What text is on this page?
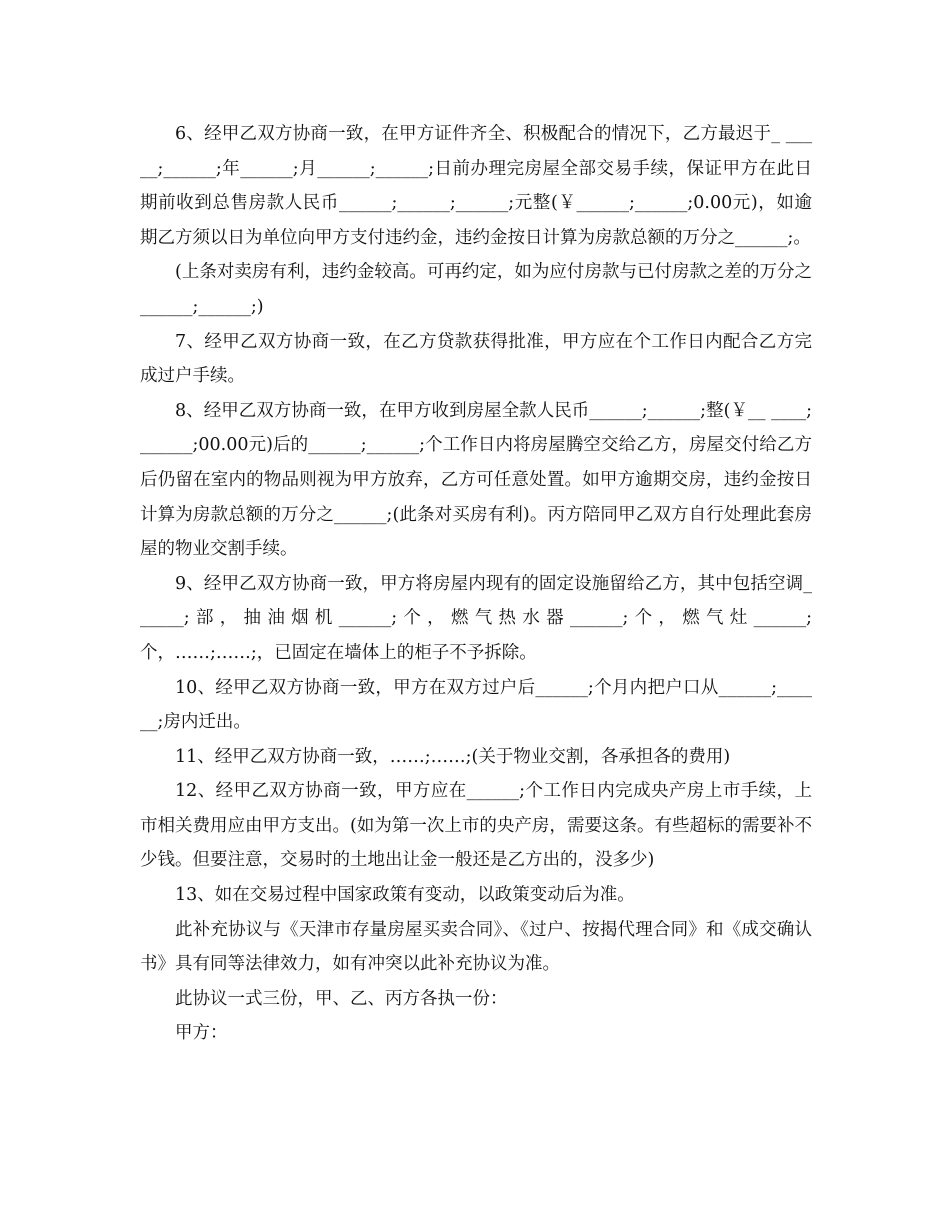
6、经甲乙双方协商一致，在甲方证件齐全、积极配合的情况下，乙方最迟于_ _____;______;年______;月______;______;日前办理完房屋全部交易手续，保证甲方在此日期前收到总售房款人民币______;______;______;元整(￥______;______;0.00元)，如逾期乙方须以日为单位向甲方支付违约金，违约金按日计算为房款总额的万分之______;。

(上条对卖房有利，违约金较高。可再约定，如为应付房款与已付房款之差的万分之______;______;)

7、经甲乙双方协商一致，在乙方贷款获得批准，甲方应在个工作日内配合乙方完成过户手续。

8、经甲乙双方协商一致，在甲方收到房屋全款人民币______;______;整(￥__ ____;______;00.00元)后的______;______;个工作日内将房屋腾空交给乙方，房屋交付给乙方后仍留在室内的物品则视为甲方放弃，乙方可任意处置。如甲方逾期交房，违约金按日计算为房款总额的万分之______;(此条对买房有利)。丙方陪同甲乙双方自行处理此套房屋的物业交割手续。

9、经甲乙双方协商一致，甲方将房屋内现有的固定设施留给乙方，其中包括空调______;部，抽油烟机______;个，燃气热水器______;个，燃气灶______;个，……;……;，已固定在墙体上的柜子不予拆除。

10、经甲乙双方协商一致，甲方在双方过户后______;个月内把户口从______;______;房内迁出。

11、经甲乙双方协商一致，……;……;(关于物业交割，各承担各的费用)

12、经甲乙双方协商一致，甲方应在______;个工作日内完成央产房上市手续，上市相关费用应由甲方支出。(如为第一次上市的央产房，需要这条。有些超标的需要补不少钱。但要注意，交易时的土地出让金一般还是乙方出的，没多少)

13、如在交易过程中国家政策有变动，以政策变动后为准。

此补充协议与《天津市存量房屋买卖合同》、《过户、按揭代理合同》和《成交确认书》具有同等法律效力，如有冲突以此补充协议为准。

此协议一式三份，甲、乙、丙方各执一份：

甲方：
